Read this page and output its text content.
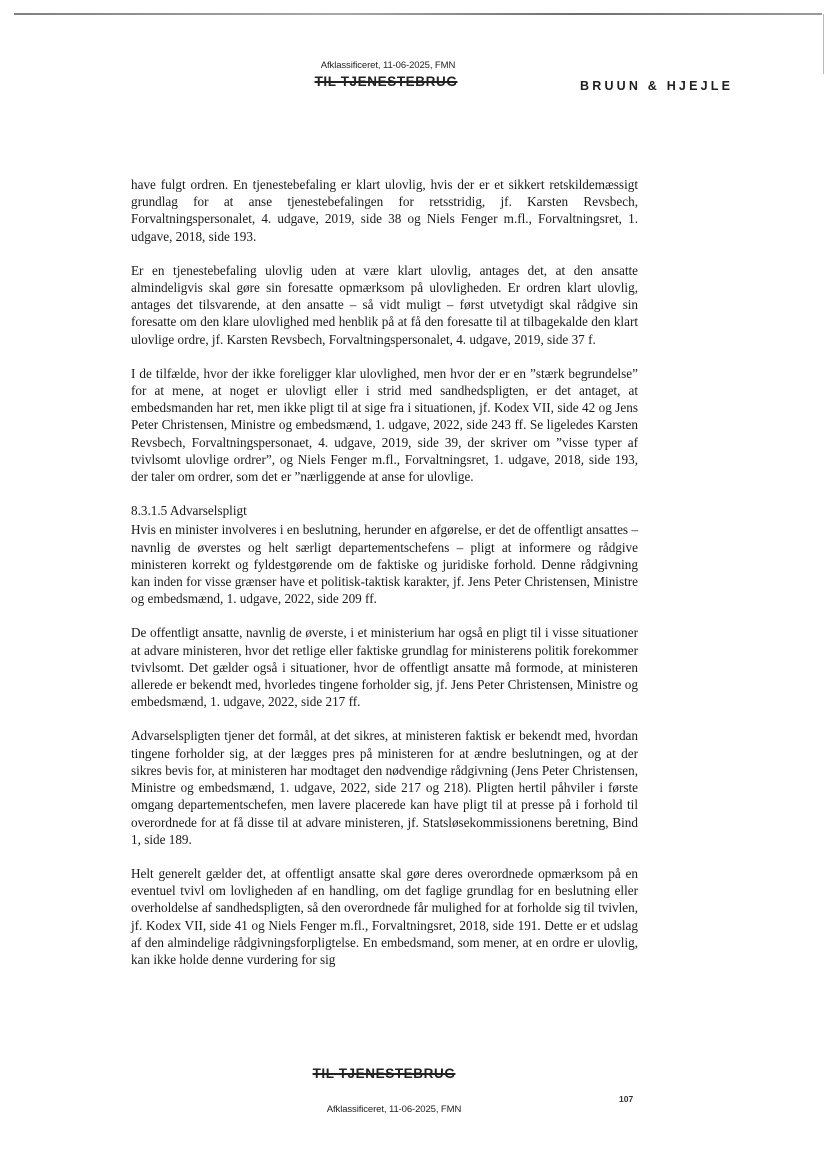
Afklassificeret, 11-06-2025, FMN
TIL TJENESTEBRUG	BRUUN & HJEJLE

have fulgt ordren. En tjenestebefaling er klart ulovlig, hvis der er et sikkert retskildemæssigt grundlag for at anse tjenestebefalingen for retsstridig, jf. Karsten Revsbech, Forvaltningspersonalet, 4. udgave, 2019, side 38 og Niels Fenger m.fl., Forvaltningsret, 1. udgave, 2018, side 193.

Er en tjenestebefaling ulovlig uden at være klart ulovlig, antages det, at den ansatte almindeligvis skal gøre sin foresatte opmærksom på ulovligheden. Er ordren klart ulovlig, antages det tilsvarende, at den ansatte – så vidt muligt – først utvetydigt skal rådgive sin foresatte om den klare ulovlighed med henblik på at få den foresatte til at tilbagekalde den klart ulovlige ordre, jf. Karsten Revsbech, Forvaltningspersonalet, 4. udgave, 2019, side 37 f.

I de tilfælde, hvor der ikke foreligger klar ulovlighed, men hvor der er en ”stærk begrundelse” for at mene, at noget er ulovligt eller i strid med sandhedspligten, er det antaget, at embedsmanden har ret, men ikke pligt til at sige fra i situationen, jf. Kodex VII, side 42 og Jens Peter Christensen, Ministre og embedsmænd, 1. udgave, 2022, side 243 ff. Se ligeledes Karsten Revsbech, Forvaltningspersonaet, 4. udgave, 2019, side 39, der skriver om ”visse typer af tvivlsomt ulovlige ordrer”, og Niels Fenger m.fl., Forvaltningsret, 1. udgave, 2018, side 193, der taler om ordrer, som det er ”nærliggende at anse for ulovlige.

8.3.1.5 Advarselspligt

Hvis en minister involveres i en beslutning, herunder en afgørelse, er det de offentligt ansattes – navnlig de øverstes og helt særligt departementschefens – pligt at informere og rådgive ministeren korrekt og fyldestgørende om de faktiske og juridiske forhold. Denne rådgivning kan inden for visse grænser have et politisk-taktisk karakter, jf. Jens Peter Christensen, Ministre og embedsmænd, 1. udgave, 2022, side 209 ff.

De offentligt ansatte, navnlig de øverste, i et ministerium har også en pligt til i visse situationer at advare ministeren, hvor det retlige eller faktiske grundlag for ministerens politik forekommer tvivlsomt. Det gælder også i situationer, hvor de offentligt ansatte må formode, at ministeren allerede er bekendt med, hvorledes tingene forholder sig, jf. Jens Peter Christensen, Ministre og embedsmænd, 1. udgave, 2022, side 217 ff.

Advarselspligten tjener det formål, at det sikres, at ministeren faktisk er bekendt med, hvordan tingene forholder sig, at der lægges pres på ministeren for at ændre beslutningen, og at der sikres bevis for, at ministeren har modtaget den nødvendige rådgivning (Jens Peter Christensen, Ministre og embedsmænd, 1. udgave, 2022, side 217 og 218). Pligten hertil påhviler i første omgang departementschefen, men lavere placerede kan have pligt til at presse på i forhold til overordnede for at få disse til at advare ministeren, jf. Statsløsekommissionens beretning, Bind 1, side 189.

Helt generelt gælder det, at offentligt ansatte skal gøre deres overordnede opmærksom på en eventuel tvivl om lovligheden af en handling, om det faglige grundlag for en beslutning eller overholdelse af sandhedspligten, så den overordnede får mulighed for at forholde sig til tvivlen, jf. Kodex VII, side 41 og Niels Fenger m.fl., Forvaltningsret, 2018, side 191. Dette er et udslag af den almindelige rådgivningsforpligtelse. En embedsmand, som mener, at en ordre er ulovlig, kan ikke holde denne vurdering for sig

TIL TJENESTEBRUG
107
Afklassificeret, 11-06-2025, FMN
